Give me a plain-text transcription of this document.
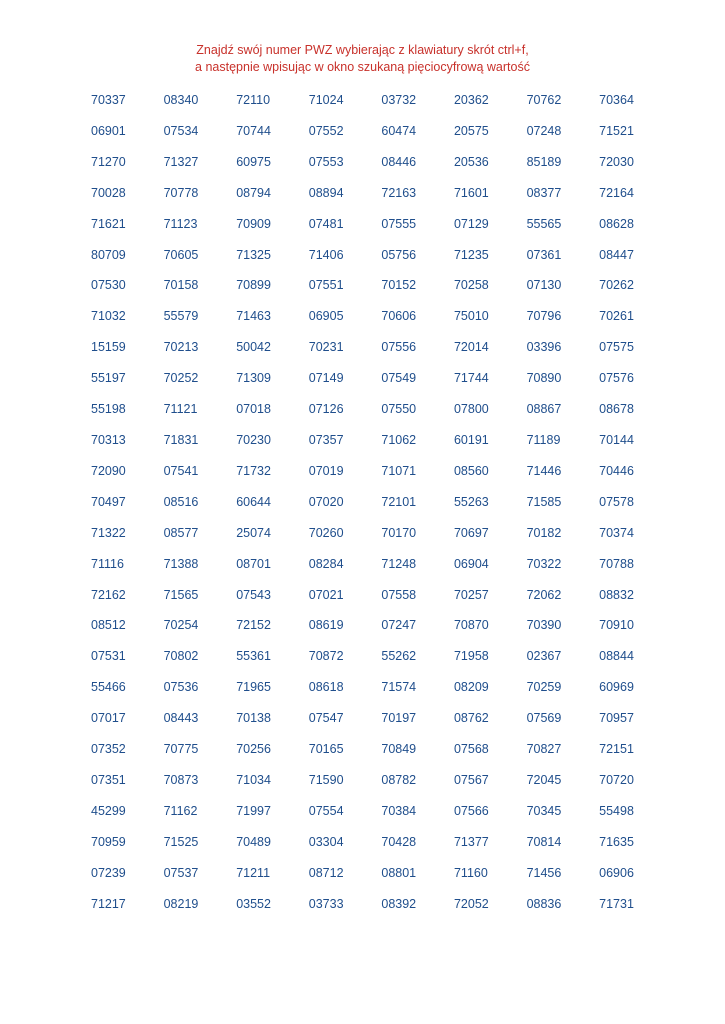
Znajdź swój numer PWZ wybierając z klawiatury skrót ctrl+f,
a następnie wpisując w okno szukaną pięciocyfrową wartość
70337	08340	72110	71024	03732	20362	70762	70364
06901	07534	70744	07552	60474	20575	07248	71521
71270	71327	60975	07553	08446	20536	85189	72030
70028	70778	08794	08894	72163	71601	08377	72164
71621	71123	70909	07481	07555	07129	55565	08628
80709	70605	71325	71406	05756	71235	07361	08447
07530	70158	70899	07551	70152	70258	07130	70262
71032	55579	71463	06905	70606	75010	70796	70261
15159	70213	50042	70231	07556	72014	03396	07575
55197	70252	71309	07149	07549	71744	70890	07576
55198	71121	07018	07126	07550	07800	08867	08678
70313	71831	70230	07357	71062	60191	71189	70144
72090	07541	71732	07019	71071	08560	71446	70446
70497	08516	60644	07020	72101	55263	71585	07578
71322	08577	25074	70260	70170	70697	70182	70374
71116	71388	08701	08284	71248	06904	70322	70788
72162	71565	07543	07021	07558	70257	72062	08832
08512	70254	72152	08619	07247	70870	70390	70910
07531	70802	55361	70872	55262	71958	02367	08844
55466	07536	71965	08618	71574	08209	70259	60969
07017	08443	70138	07547	70197	08762	07569	70957
07352	70775	70256	70165	70849	07568	70827	72151
07351	70873	71034	71590	08782	07567	72045	70720
45299	71162	71997	07554	70384	07566	70345	55498
70959	71525	70489	03304	70428	71377	70814	71635
07239	07537	71211	08712	08801	71160	71456	06906
71217	08219	03552	03733	08392	72052	08836	71731
